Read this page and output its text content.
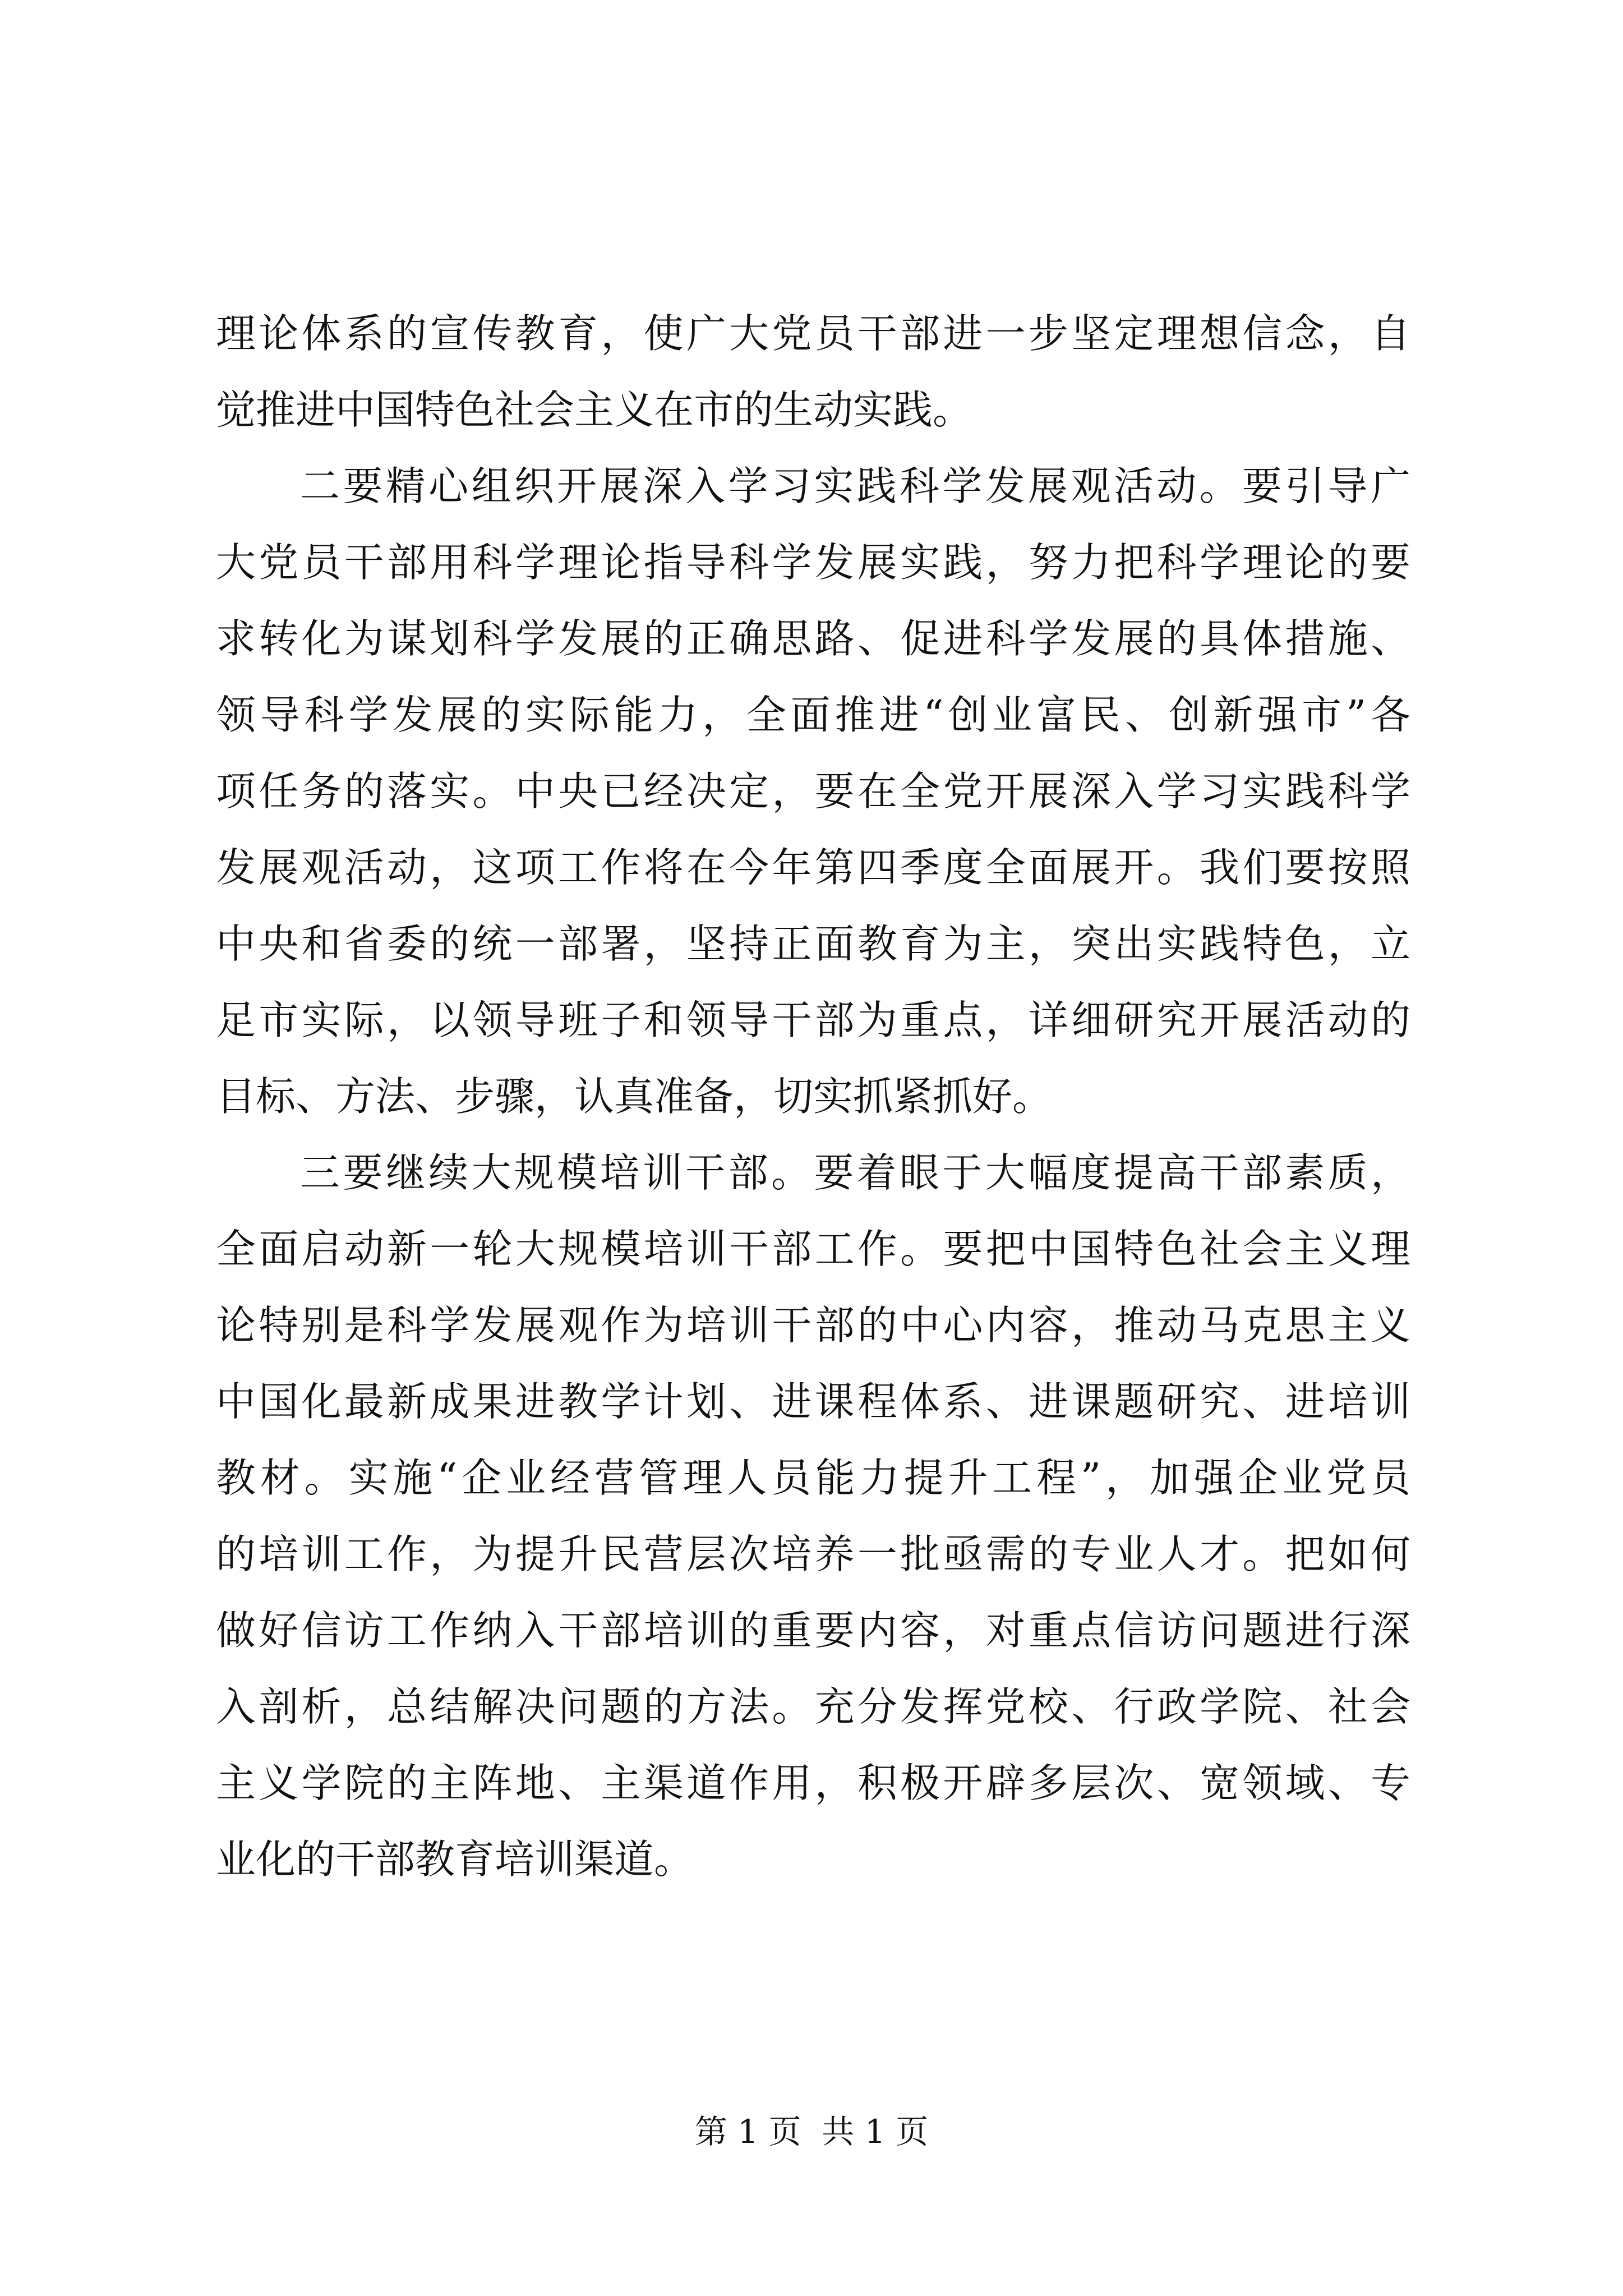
理论体系的宣传教育，使广大党员干部进一步坚定理想信念，自
觉推进中国特色社会主义在市的生动实践。
二要精心组织开展深入学习实践科学发展观活动。要引导广
大党员干部用科学理论指导科学发展实践，努力把科学理论的要
求转化为谋划科学发展的正确思路、促进科学发展的具体措施、
领导科学发展的实际能力，全面推进“创业富民、创新强市”各
项任务的落实。中央已经决定，要在全党开展深入学习实践科学
发展观活动，这项工作将在今年第四季度全面展开。我们要按照
中央和省委的统一部署，坚持正面教育为主，突出实践特色，立
足市实际，以领导班子和领导干部为重点，详细研究开展活动的
目标、方法、步骤，认真准备，切实抓紧抓好。
三要继续大规模培训干部。要着眼于大幅度提高干部素质，
全面启动新一轮大规模培训干部工作。要把中国特色社会主义理
论特别是科学发展观作为培训干部的中心内容，推动马克思主义
中国化最新成果进教学计划、进课程体系、进课题研究、进培训
教材。实施“企业经营管理人员能力提升工程”，加强企业党员
的培训工作，为提升民营层次培养一批亟需的专业人才。把如何
做好信访工作纳入干部培训的重要内容，对重点信访问题进行深
入剖析，总结解决问题的方法。充分发挥党校、行政学院、社会
主义学院的主阵地、主渠道作用，积极开辟多层次、宽领域、专
业化的干部教育培训渠道。
第 1 页  共 1 页
